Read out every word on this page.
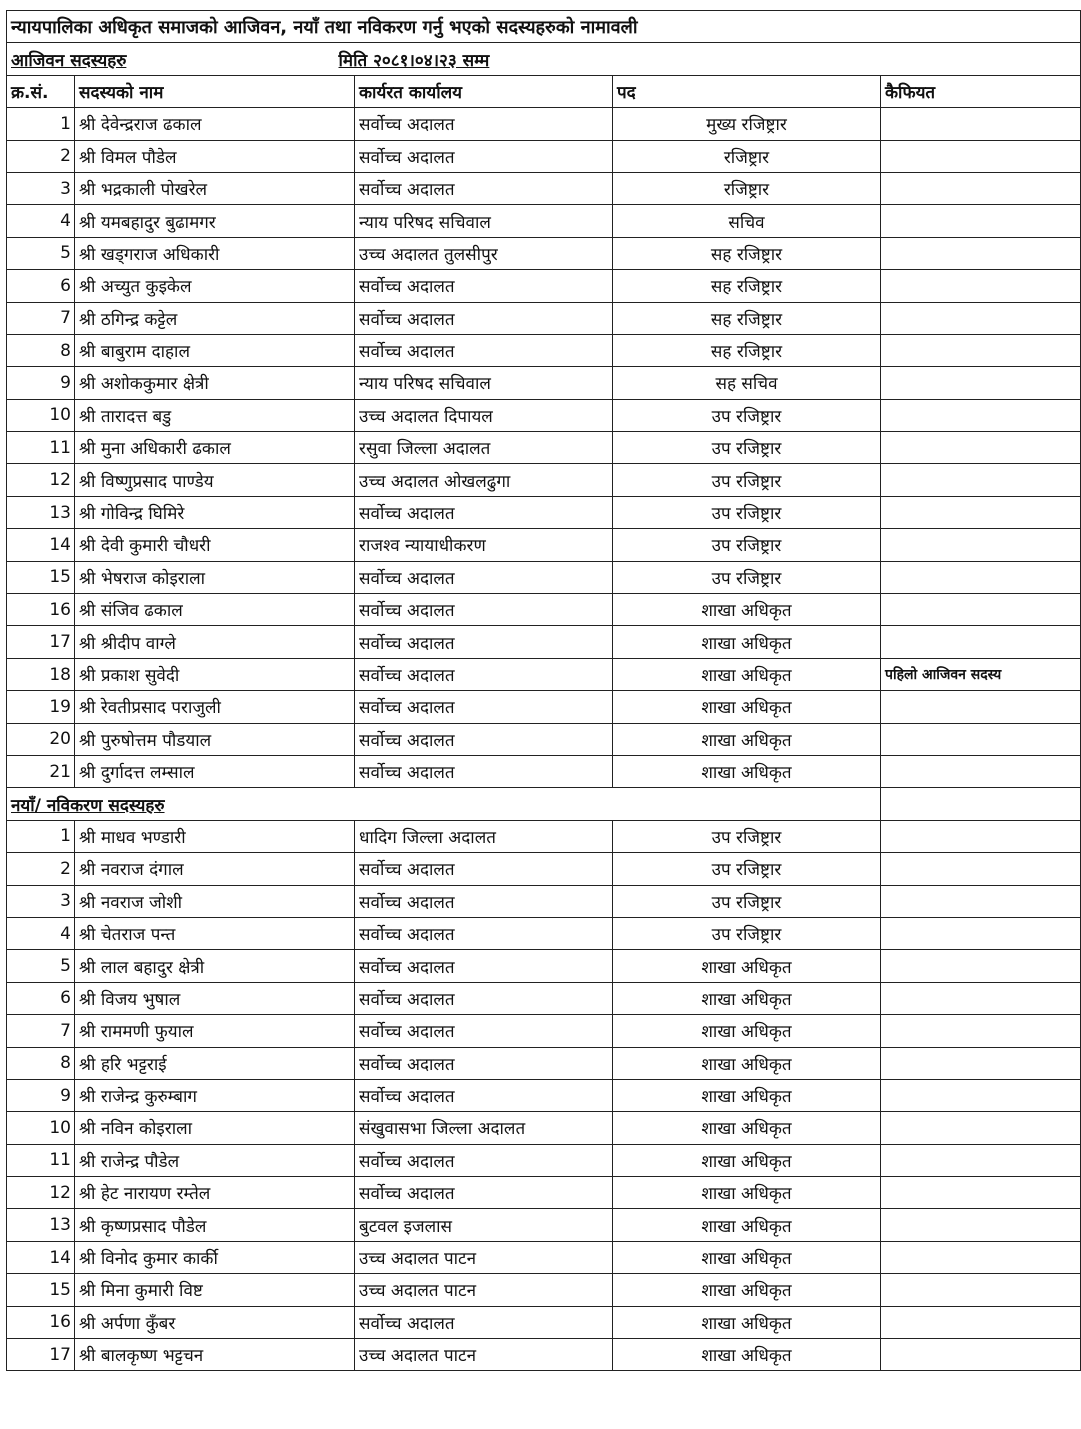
न्यायपालिका अधिकृत समाजको आजिवन, नयाँ तथा नविकरण गर्नु भएको सदस्यहरुको नामावली				
आजिवन सदस्यहरु		मिति २०८१।०४।२३ सम्म		
क्र.सं.	सदस्यको नाम	कार्यरत कार्यालय	पद	कैफियत
1	श्री देवेन्द्रराज ढकाल	सर्वोच्च अदालत	मुख्य रजिष्ट्रार	
2	श्री विमल पौडेल	सर्वोच्च अदालत	रजिष्ट्रार	
3	श्री भद्रकाली पोखरेल	सर्वोच्च अदालत	रजिष्ट्रार	
4	श्री यमबहादुर बुढामगर	न्याय परिषद सचिवाल	सचिव	
5	श्री खड्गराज अधिकारी	उच्च अदालत तुलसीपुर	सह रजिष्ट्रार	
6	श्री अच्युत कुइकेल	सर्वोच्च अदालत	सह रजिष्ट्रार	
7	श्री ठगिन्द्र कट्टेल	सर्वोच्च अदालत	सह रजिष्ट्रार	
8	श्री बाबुराम दाहाल	सर्वोच्च अदालत	सह रजिष्ट्रार	
9	श्री अशोककुमार क्षेत्री	न्याय परिषद सचिवाल	सह सचिव	
10	श्री तारादत्त बडु	उच्च अदालत दिपायल	उप रजिष्ट्रार	
11	श्री मुना अधिकारी ढकाल	रसुवा जिल्ला अदालत	उप रजिष्ट्रार	
12	श्री विष्णुप्रसाद पाण्डेय	उच्च अदालत ओखलढुगा	उप रजिष्ट्रार	
13	श्री गोविन्द्र घिमिरे	सर्वोच्च अदालत	उप रजिष्ट्रार	
14	श्री देवी कुमारी चौधरी	राजश्व न्यायाधीकरण	उप रजिष्ट्रार	
15	श्री भेषराज कोइराला	सर्वोच्च अदालत	उप रजिष्ट्रार	
16	श्री संजिव ढकाल	सर्वोच्च अदालत	शाखा अधिकृत	
17	श्री श्रीदीप वाग्ले	सर्वोच्च अदालत	शाखा अधिकृत	
18	श्री प्रकाश सुवेदी	सर्वोच्च अदालत	शाखा अधिकृत	पहिलो आजिवन सदस्य
19	श्री रेवतीप्रसाद पराजुली	सर्वोच्च अदालत	शाखा अधिकृत	
20	श्री पुरुषोत्तम पौडयाल	सर्वोच्च अदालत	शाखा अधिकृत	
21	श्री दुर्गादत्त लम्साल	सर्वोच्च अदालत	शाखा अधिकृत	
नयाँ/ नविकरण सदस्यहरु				
1	श्री माधव भण्डारी	धादिग जिल्ला अदालत	उप रजिष्ट्रार	
2	श्री नवराज दंगाल	सर्वोच्च अदालत	उप रजिष्ट्रार	
3	श्री नवराज जोशी	सर्वोच्च अदालत	उप रजिष्ट्रार	
4	श्री चेतराज पन्त	सर्वोच्च अदालत	उप रजिष्ट्रार	
5	श्री लाल बहादुर क्षेत्री	सर्वोच्च अदालत	शाखा अधिकृत	
6	श्री विजय भुषाल	सर्वोच्च अदालत	शाखा अधिकृत	
7	श्री राममणी फुयाल	सर्वोच्च अदालत	शाखा अधिकृत	
8	श्री हरि भट्टराई	सर्वोच्च अदालत	शाखा अधिकृत	
9	श्री राजेन्द्र कुरुम्बाग	सर्वोच्च अदालत	शाखा अधिकृत	
10	श्री नविन कोइराला	संखुवासभा जिल्ला अदालत	शाखा अधिकृत	
11	श्री राजेन्द्र पौडेल	सर्वोच्च अदालत	शाखा अधिकृत	
12	श्री हेट नारायण रम्तेल	सर्वोच्च अदालत	शाखा अधिकृत	
13	श्री कृष्णप्रसाद पौडेल	बुटवल इजलास	शाखा अधिकृत	
14	श्री विनोद कुमार कार्की	उच्च अदालत पाटन	शाखा अधिकृत	
15	श्री मिना कुमारी विष्ट	उच्च अदालत पाटन	शाखा अधिकृत	
16	श्री अर्पणा कुँबर	सर्वोच्च अदालत	शाखा अधिकृत	
17	श्री बालकृष्ण भट्टचन	उच्च अदालत पाटन	शाखा अधिकृत	
